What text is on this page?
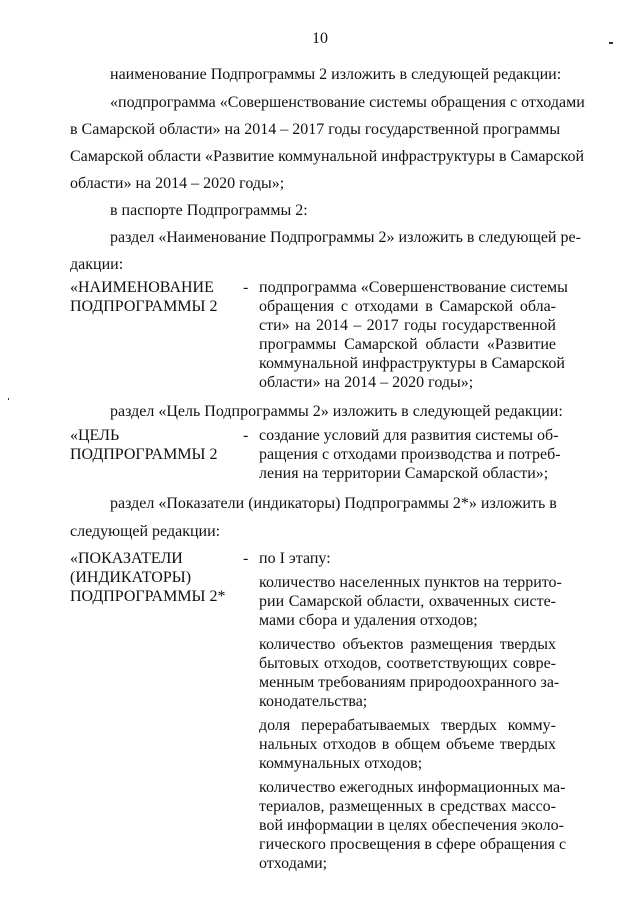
10
наименование Подпрограммы 2 изложить в следующей редакции:
«подпрограмма «Совершенствование системы обращения с отходами
в Самарской области» на 2014 – 2017 годы государственной программы
Самарской области «Развитие коммунальной инфраструктуры в Самарской
области» на 2014 – 2020 годы»;
в паспорте Подпрограммы 2:
раздел «Наименование Подпрограммы 2» изложить в следующей ре-
дакции:
«НАИМЕНОВАНИЕ
ПОДПРОГРАММЫ 2
- подпрограмма «Совершенствование системы
обращения с отходами в Самарской обла-
сти» на 2014 – 2017 годы государственной
программы Самарской области «Развитие
коммунальной инфраструктуры в Самарской
области» на 2014 – 2020 годы»;
раздел «Цель Подпрограммы 2» изложить в следующей редакции:
«ЦЕЛЬ
ПОДПРОГРАММЫ 2
- создание условий для развития системы об-
ращения с отходами производства и потреб-
ления на территории Самарской области»;
раздел «Показатели (индикаторы) Подпрограммы 2*» изложить в
следующей редакции:
«ПОКАЗАТЕЛИ
(ИНДИКАТОРЫ)
ПОДПРОГРАММЫ 2*
- по I этапу:
количество населенных пунктов на террито-
рии Самарской области, охваченных систе-
мами сбора и удаления отходов;
количество объектов размещения твердых
бытовых отходов, соответствующих совре-
менным требованиям природоохранного за-
конодательства;
доля перерабатываемых твердых комму-
нальных отходов в общем объеме твердых
коммунальных отходов;
количество ежегодных информационных ма-
териалов, размещенных в средствах массо-
вой информации в целях обеспечения эколо-
гического просвещения в сфере обращения с
отходами;
